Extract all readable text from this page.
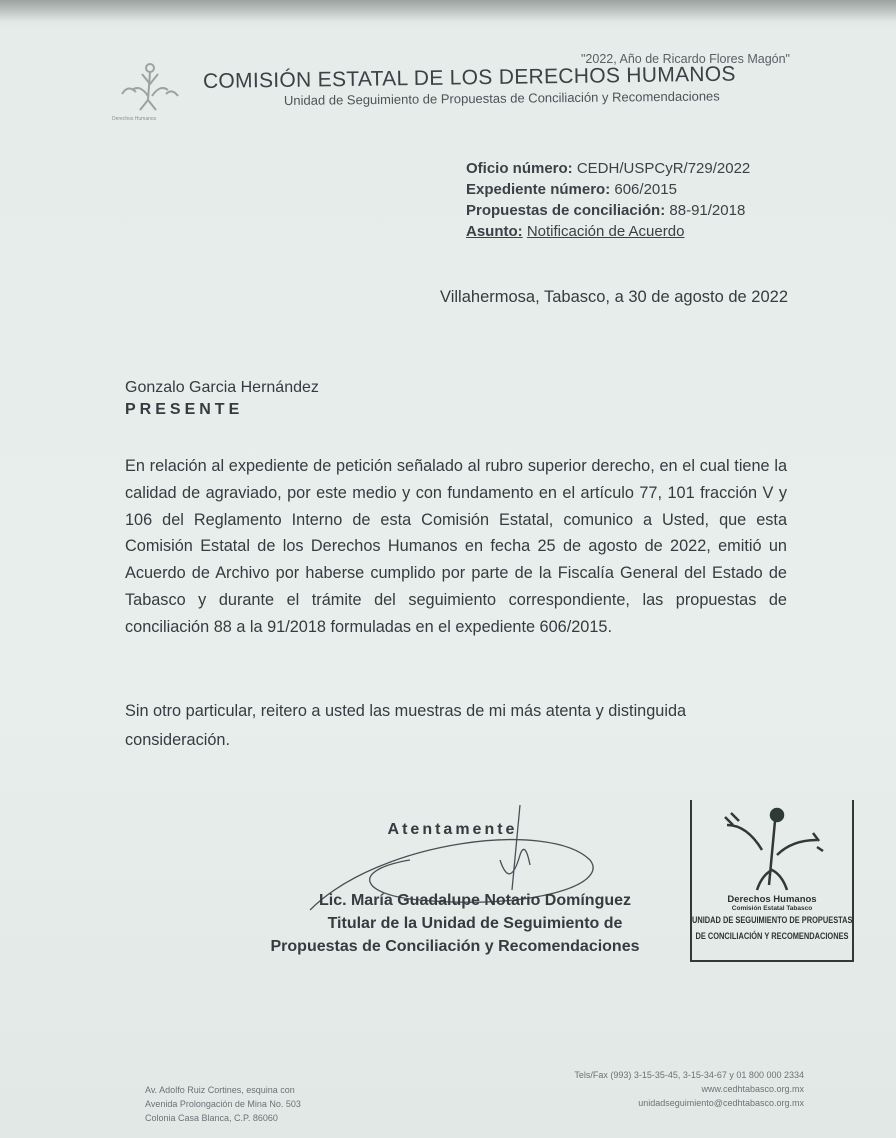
Derechos Humanos
"2022, Año de Ricardo Flores Magón"
COMISIÓN ESTATAL DE LOS DERECHOS HUMANOS
Unidad de Seguimiento de Propuestas de Conciliación y Recomendaciones
Oficio número: CEDH/USPCyR/729/2022
Expediente número: 606/2015
Propuestas de conciliación: 88-91/2018
Asunto: Notificación de Acuerdo
Villahermosa, Tabasco, a 30 de agosto de 2022
Gonzalo Garcia Hernández
PRESENTE
En relación al expediente de petición señalado al rubro superior derecho, en el cual tiene la calidad de agraviado, por este medio y con fundamento en el artículo 77, 101 fracción V y 106 del Reglamento Interno de esta Comisión Estatal, comunico a Usted, que esta Comisión Estatal de los Derechos Humanos en fecha 25 de agosto de 2022, emitió un Acuerdo de Archivo por haberse cumplido por parte de la Fiscalía General del Estado de Tabasco y durante el trámite del seguimiento correspondiente, las propuestas de conciliación 88 a la 91/2018 formuladas en el expediente 606/2015.
Sin otro particular, reitero a usted las muestras de mi más atenta y distinguida consideración.
Atentamente
Lic. María Guadalupe Notario Domínguez
Titular de la Unidad de Seguimiento de
Propuestas de Conciliación y Recomendaciones
Derechos Humanos
Comisión Estatal Tabasco
UNIDAD DE SEGUIMIENTO DE PROPUESTAS
DE CONCILIACIÓN Y RECOMENDACIONES
Av. Adolfo Ruiz Cortines, esquina con
Avenida Prolongación de Mina No. 503
Colonia Casa Blanca, C.P. 86060
Tels/Fax (993) 3-15-35-45, 3-15-34-67 y 01 800 000 2334
www.cedhtabasco.org.mx
unidadseguimiento@cedhtabasco.org.mx
